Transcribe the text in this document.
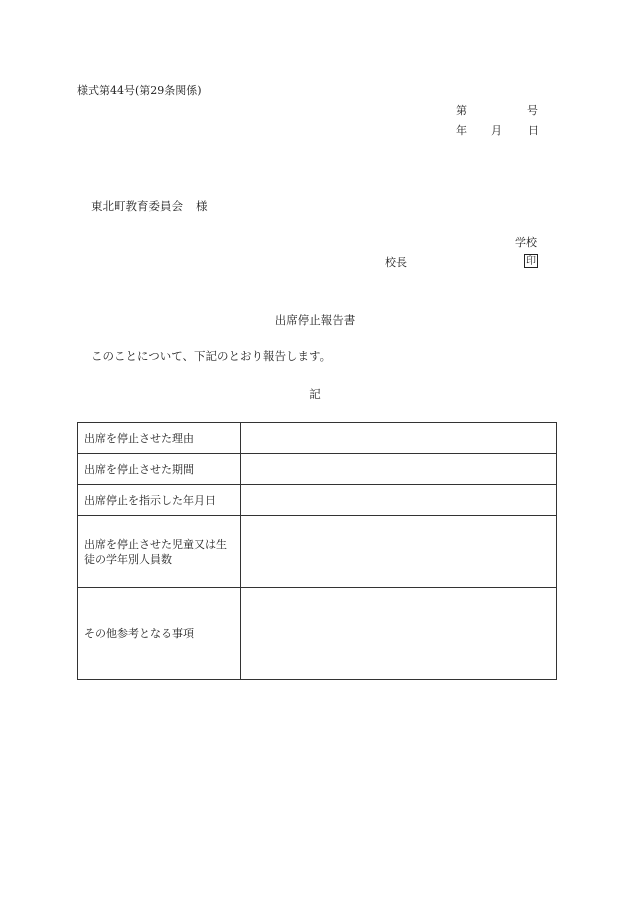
様式第44号(第29条関係)
第	号
年 月 日
東北町教育委員会 様
学校
校長	印
出席停止報告書
このことについて、下記のとおり報告します。
記
出席を停止させた理由	

出席を停止させた期間	

出席停止を指示した年月日	

出席を停止させた児童又は生徒の学年別人員数	

その他参考となる事項	
